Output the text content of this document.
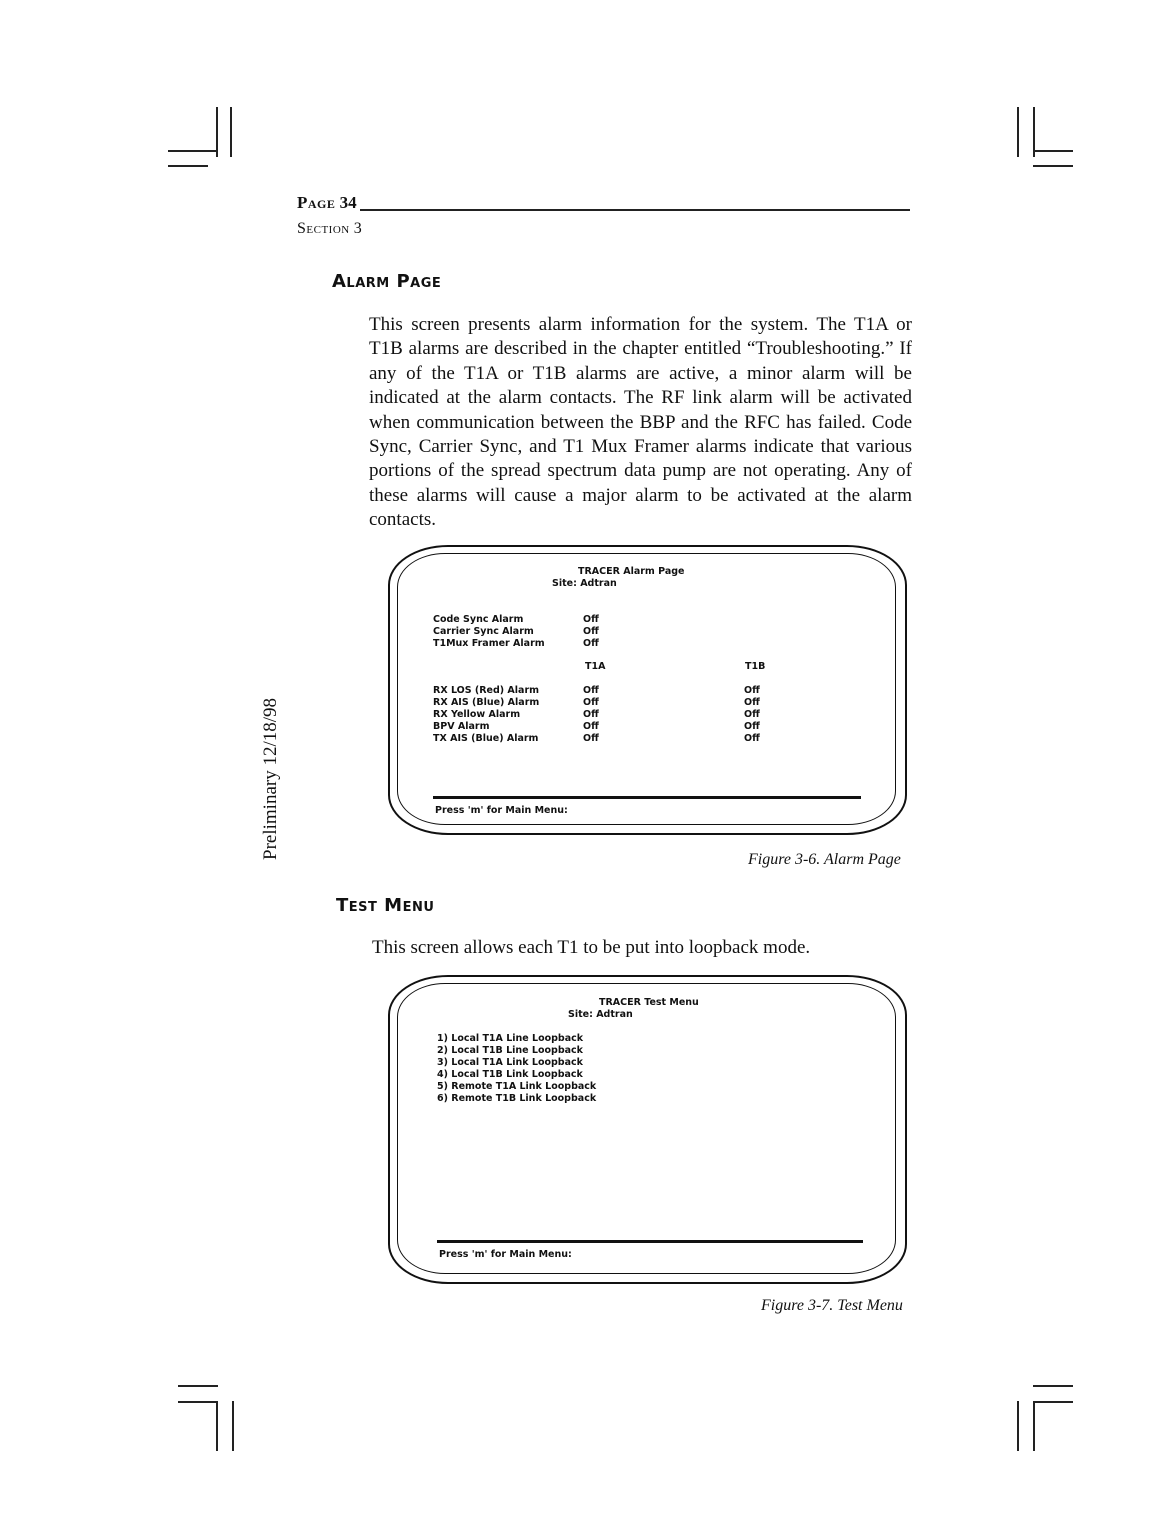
Page 34
Section 3
Preliminary 12/18/98
Alarm Page
This screen presents alarm information for the system. The T1A or T1B alarms are described in the chapter entitled “Troubleshooting.” If any of the T1A or T1B alarms are active, a minor alarm will be indicated at the alarm contacts. The RF link alarm will be activated when communication between the BBP and the RFC has failed. Code Sync, Carrier Sync, and T1 Mux Framer alarms indicate that various portions of the spread spectrum data pump are not operating. Any of these alarms will cause a major alarm to be activated at the alarm contacts.
TRACER Alarm Page
Site: Adtran
Code Sync Alarm	Off
Carrier Sync Alarm	Off
T1Mux Framer Alarm	Off
T1A	T1B
RX LOS (Red) Alarm	Off	Off
RX AIS (Blue) Alarm	Off	Off
RX Yellow Alarm	Off	Off
BPV Alarm	Off	Off
TX AIS (Blue) Alarm	Off	Off
Press 'm' for Main Menu:
Figure 3-6. Alarm Page
Test Menu
This screen allows each T1 to be put into loopback mode.
TRACER Test Menu
Site: Adtran
1) Local T1A Line Loopback
2) Local T1B Line Loopback
3) Local T1A Link Loopback
4) Local T1B Link Loopback
5) Remote T1A Link Loopback
6) Remote T1B Link Loopback
Press 'm' for Main Menu:
Figure 3-7. Test Menu
